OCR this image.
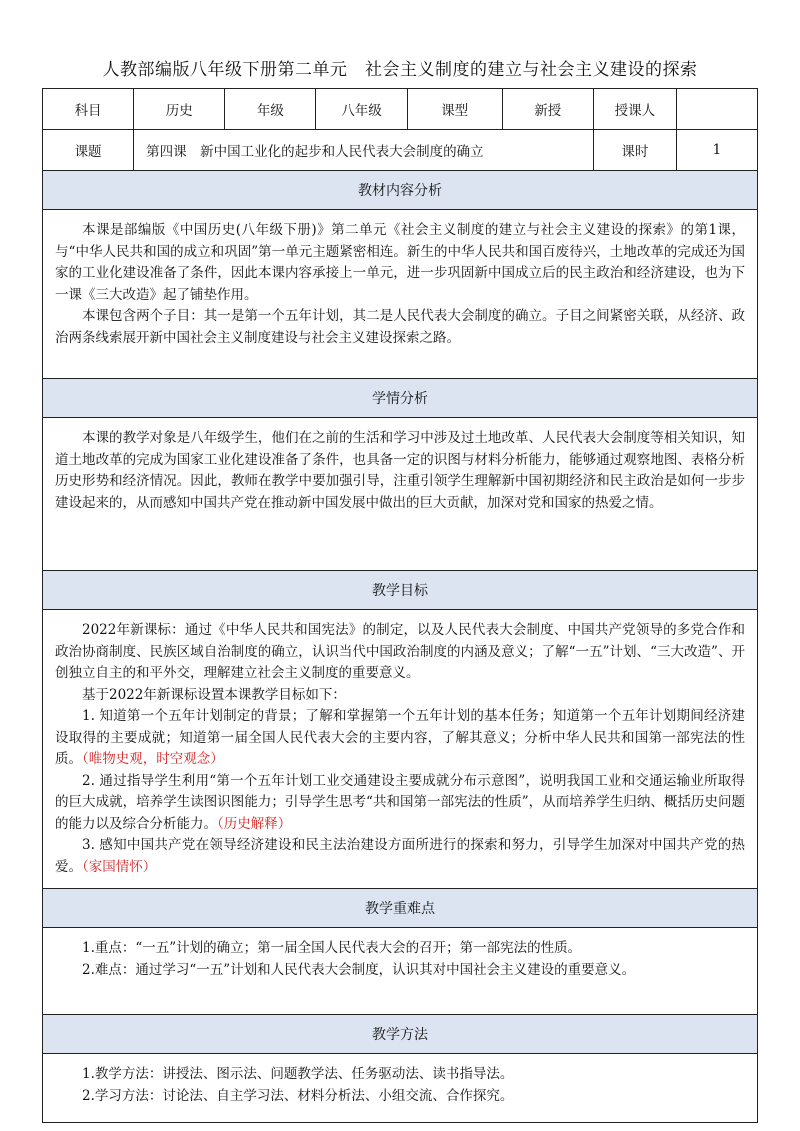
人教部编版八年级下册第二单元　社会主义制度的建立与社会主义建设的探索
科目	历史	年级	八年级	课型	新授	授课人	
课题	第四课　新中国工业化的起步和人民代表大会制度的确立					课时	1
教材内容分析							

本课是部编版《中国历史(八年级下册)》第二单元《社会主义制度的建立与社会主义建设的探索》的第1课，与“中华人民共和国的成立和巩固”第一单元主题紧密相连。新生的中华人民共和国百废待兴，土地改革的完成还为国家的工业化建设准备了条件，因此本课内容承接上一单元，进一步巩固新中国成立后的民主政治和经济建设，也为下一课《三大改造》起了铺垫作用。

本课包含两个子目：其一是第一个五年计划，其二是人民代表大会制度的确立。子目之间紧密关联，从经济、政治两条线索展开新中国社会主义制度建设与社会主义建设探索之路。							

学情分析							

本课的教学对象是八年级学生，他们在之前的生活和学习中涉及过土地改革、人民代表大会制度等相关知识，知道土地改革的完成为国家工业化建设准备了条件，也具备一定的识图与材料分析能力，能够通过观察地图、表格分析历史形势和经济情况。因此，教师在教学中要加强引导，注重引领学生理解新中国初期经济和民主政治是如何一步步建设起来的，从而感知中国共产党在推动新中国发展中做出的巨大贡献，加深对党和国家的热爱之情。							

教学目标							

2022年新课标：通过《中华人民共和国宪法》的制定，以及人民代表大会制度、中国共产党领导的多党合作和政治协商制度、民族区域自治制度的确立，认识当代中国政治制度的内涵及意义；了解“一五”计划、“三大改造”、开创独立自主的和平外交，理解建立社会主义制度的重要意义。

基于2022年新课标设置本课教学目标如下：

1. 知道第一个五年计划制定的背景；了解和掌握第一个五年计划的基本任务；知道第一个五年计划期间经济建设取得的主要成就；知道第一届全国人民代表大会的主要内容，了解其意义；分析中华人民共和国第一部宪法的性质。（唯物史观，时空观念）

2. 通过指导学生利用“第一个五年计划工业交通建设主要成就分布示意图”，说明我国工业和交通运输业所取得的巨大成就，培养学生读图识图能力；引导学生思考“共和国第一部宪法的性质”，从而培养学生归纳、概括历史问题的能力以及综合分析能力。（历史解释）

3. 感知中国共产党在领导经济建设和民主法治建设方面所进行的探索和努力，引导学生加深对中国共产党的热爱。（家国情怀）							

教学重难点							

1.重点：“一五”计划的确立；第一届全国人民代表大会的召开；第一部宪法的性质。

2.难点：通过学习“一五”计划和人民代表大会制度，认识其对中国社会主义建设的重要意义。							

教学方法							

1.教学方法：讲授法、图示法、问题教学法、任务驱动法、读书指导法。

2.学习方法：讨论法、自主学习法、材料分析法、小组交流、合作探究。							
